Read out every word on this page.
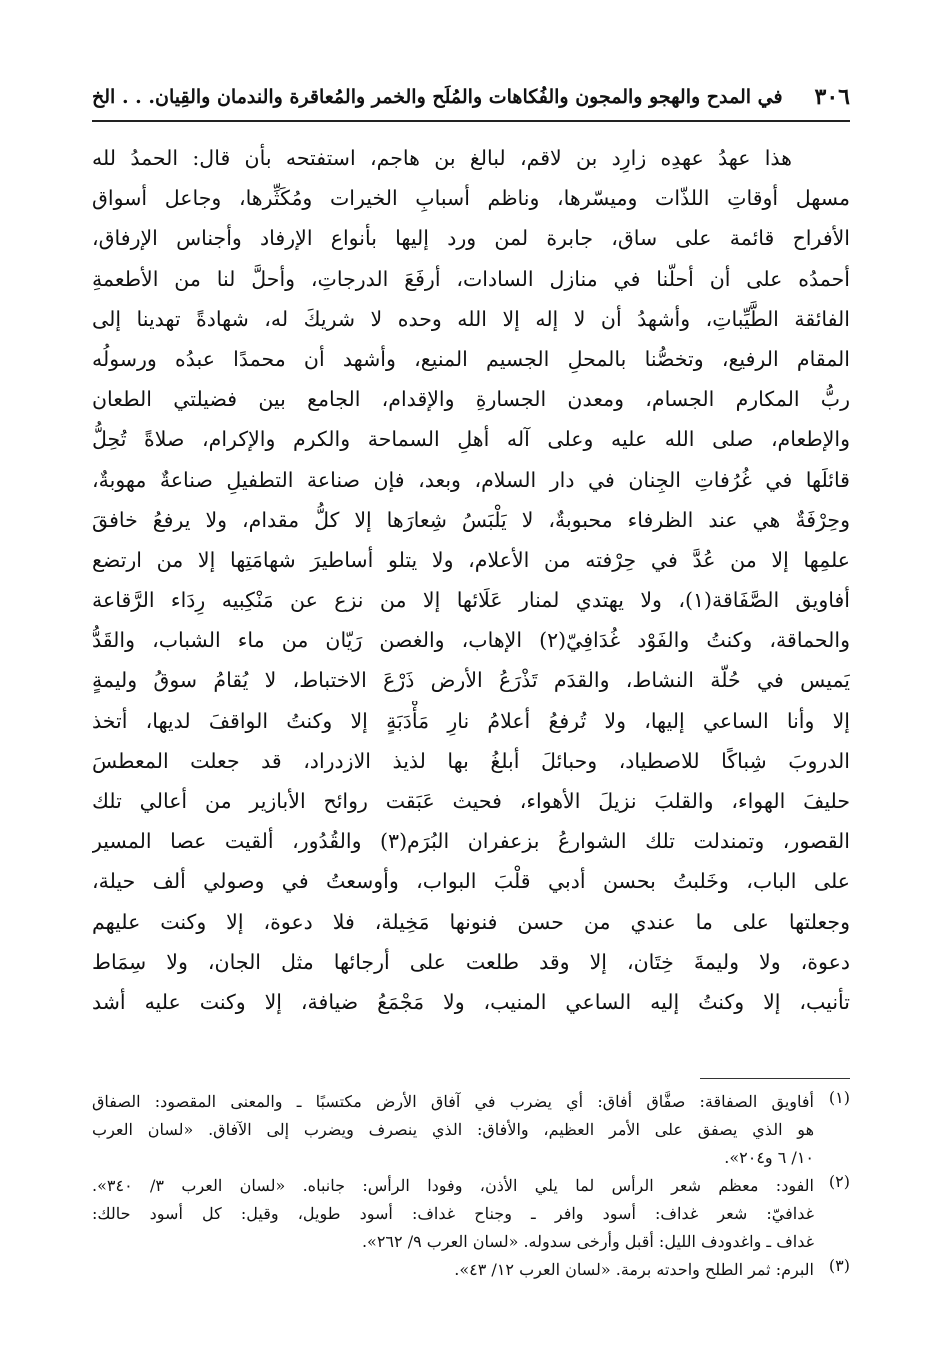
٣٠٦
في المدح والهجو والمجون والفُكاهات والمُلَح والخمر والمُعاقرة والندمان والقِيان. . . الخ
هذا عهدُ عهدِه زارِد بن لاقم، لبالغ بن هاجم، استفتحه بأن قال: الحمدُ لله
مسهل أوقاتِ اللذّات وميسّرها، وناظم أسبابِ الخيرات ومُكَثِّرها، وجاعل أسواق
الأفراح قائمة على ساق، جابرة لمن ورد إليها بأنواع الإرفاد وأجناس الإرفاق،
أحمدُه على أن أحلّنا في منازل السادات، أرفَعَ الدرجاتِ، وأحلَّ لنا من الأطعمةِ
الفائقة الطَّيِّباتِ، وأشهدُ أن لا إله إلا الله وحده لا شريكَ له، شهادةً تهدينا إلى
المقام الرفيع، وتخصُّنا بالمحلِ الجسيم المنيع، وأشهد أن محمدًا عبدُه ورسولُه
ربُّ المكارم الجسام، ومعدن الجسارةِ والإقدام، الجامع بين فضيلتي الطعان
والإطعام، صلى الله عليه وعلى آله أهلِ السماحة والكرم والإكرام، صلاةً تُحِلُّ
قائلَها في غُرُفاتِ الجِنان في دار السلام، وبعد، فإن صناعة التطفيلِ صناعةٌ مهوبةٌ،
وحِرْفَةٌ هي عند الظرفاء محبوبةٌ، لا يَلْبَسُ شِعارَها إلا كلُّ مقدام، ولا يرفعُ خافقَ
علمِها إلا من عُدَّ في حِرْفته من الأعلام، ولا يتلو أساطيرَ شهامَتِها إلا من ارتضع
أفاويق الصَّفَاقة(١)، ولا يهتدي لمنار عَلَائها إلا من نزع عن مَنْكِبيه رِدَاء الرَّقاعة
والحماقة، وكنتُ والفَوْد غُدَافِيّ(٢) الإهاب، والغصن رَيّان من ماء الشباب، والقَدُّ
يَميس في حُلّة النشاط، والقدَم تَذْرَعُ الأرض ذَرْعَ الاختباط، لا يُقامُ سوقُ وليمةٍ
إلا وأنا الساعي إليها، ولا تُرفعُ أعلامُ نارِ مَأْدَبَةٍ إلا وكنتُ الواقفَ لديها، أتخذ
الدروبَ شِباكًا للاصطياد، وحبائلَ أبلغُ بها لذيذ الازدراد، قد جعلت المعطسَ
حليفَ الهواء، والقلبَ نزيلَ الأهواء، فحيث عَبَقت روائح الأبازير من أعالي تلك
القصور، وتمندلت تلك الشوارعُ بزعفران البُرَم(٣) والقُدُور، ألقيت عصا المسير
على الباب، وخَلبتُ بحسن أدبي قلْبَ البواب، وأوسعتُ في وصولي ألف حيلة،
وجعلتها على ما عندي من حسن فنونها مَخِيلة، فلا دعوة، إلا وكنت عليهم
دعوة، ولا وليمةَ خِتَان، إلا وقد طلعت على أرجائها مثل الجان، ولا سِمَاط
تأنيب، إلا وكنتُ إليه الساعي المنيب، ولا مَجْمَعُ ضيافة، إلا وكنت عليه أشد
(١)
أفاويق الصفاقة: صفَّاق أفاق: أي يضرب في آفاق الأرض مكتسبًا ـ والمعنى المقصود: الصفاق
هو الذي يصفق على الأمر العظيم، والأفاق: الذي ينصرف ويضرب إلى الآفاق. «لسان العرب
١٠/ ٦ و٢٠٤».
(٢)
الفود: معظم شعر الرأس لما يلي الأذن، وفودا الرأس: جانباه. «لسان العرب ٣/ ٣٤٠».
غدافيّ: شعر غداف: أسود وافر ـ وجناح غداف: أسود طويل، وقيل: كل أسود حالك:
غداف ـ واغدودف الليل: أقبل وأرخى سدوله. «لسان العرب ٩/ ٢٦٢».
(٣)
البرم: ثمر الطلح واحدته برمة. «لسان العرب ١٢/ ٤٣».
